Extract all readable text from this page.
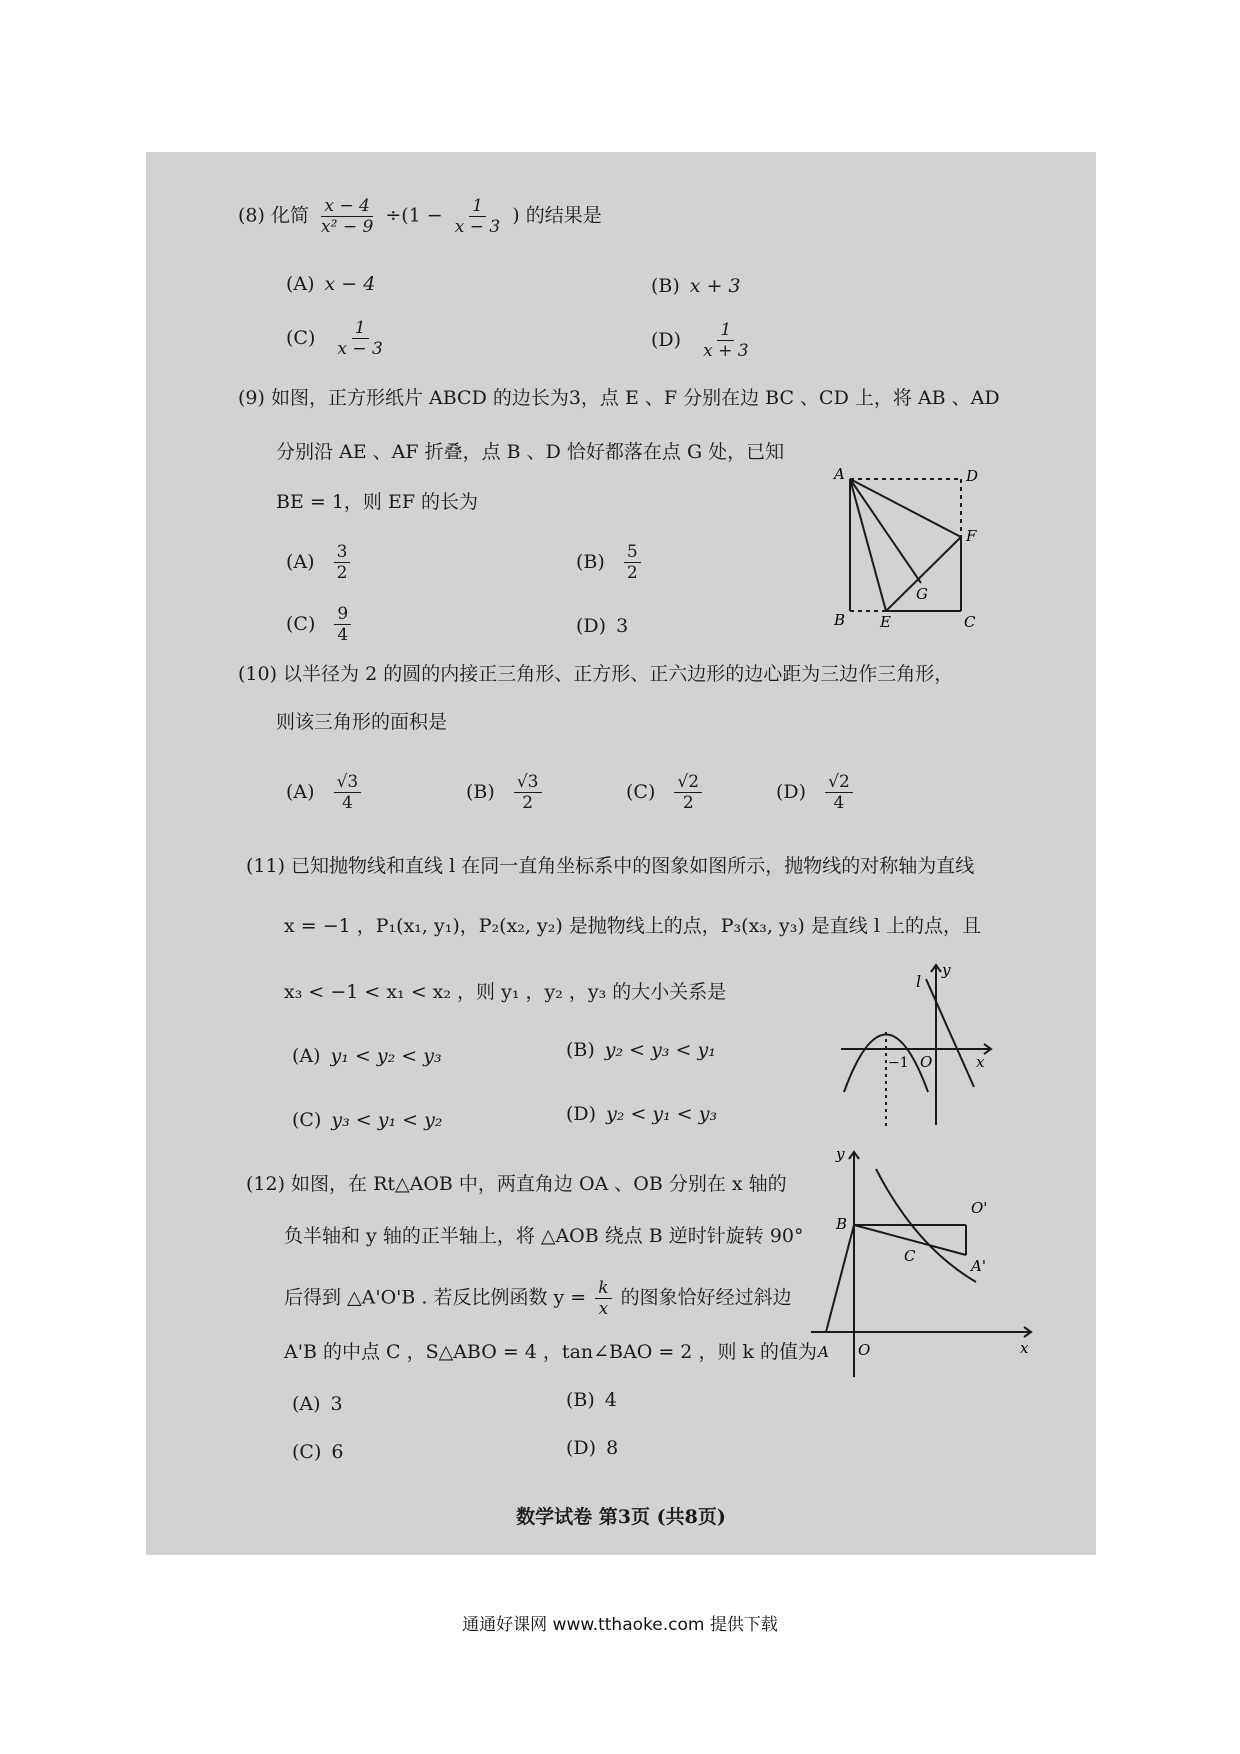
(8) 化简 $\frac{x - 4}{\text{x² − 9}} \div(1 - \frac{1}{x - 3}$ ) 的结果是
(A) x − 4	(B) x + 3
$(C) \frac{1}{x - 3}$	$(D) \frac{1}{x + 3}$
(9) 如图，正方形纸片 ABCD 的边长为3，点 E 、F 分别在边 BC 、CD 上，将 AB 、AD
分别沿 AE 、AF 折叠，点 B 、D 恰好都落在点 G 处，已知
BE = 1，则 EF 的长为
$(A) \frac{3}{2}$	$(B) \frac{5}{2}$
$(C) \frac{9}{4}$	(D) 3
A	D
F
G
B E	C
(10) 以半径为 2 的圆的内接正三角形、正方形、正六边形的边心距为三边作三角形，
则该三角形的面积是
$(A) \frac{√3}{4}$	$(B) \frac{√3}{2}$	$(C) \frac{√2}{2}$	$(D) \frac{√2}{4}$
(11) 已知抛物线和直线 l 在同一直角坐标系中的图象如图所示，抛物线的对称轴为直线
x = −1 ，P₁(x₁, y₁)，P₂(x₂, y₂) 是抛物线上的点，P₃(x₃, y₃) 是直线 l 上的点，且
x₃ < −1 < x₁ < x₂ ，则 y₁ ，y₂ ，y₃ 的大小关系是
(A) y₁ < y₂ < y₃	(B) y₂ < y₃ < y₁
(C) y₃ < y₁ < y₂	(D) y₂ < y₁ < y₃
l
y
x
−1 O
(12) 如图，在 Rt△AOB 中，两直角边 OA 、OB 分别在 x 轴的
负半轴和 y 轴的正半轴上，将 △AOB 绕点 B 逆时针旋转 90°
后得到 △A'O'B . 若反比例函数 $y = \frac{k}{x}$ 的图象恰好经过斜边
A'B 的中点 C ，S△ABO = 4 ，tan∠BAO = 2 ，则 k 的值为
(A) 3	(B) 4
(C) 6	(D) 8
y
x
B
O'
C
A'
A O
数学试卷 第3页 (共8页)
通通好课网 www.tthaoke.com 提供下载
